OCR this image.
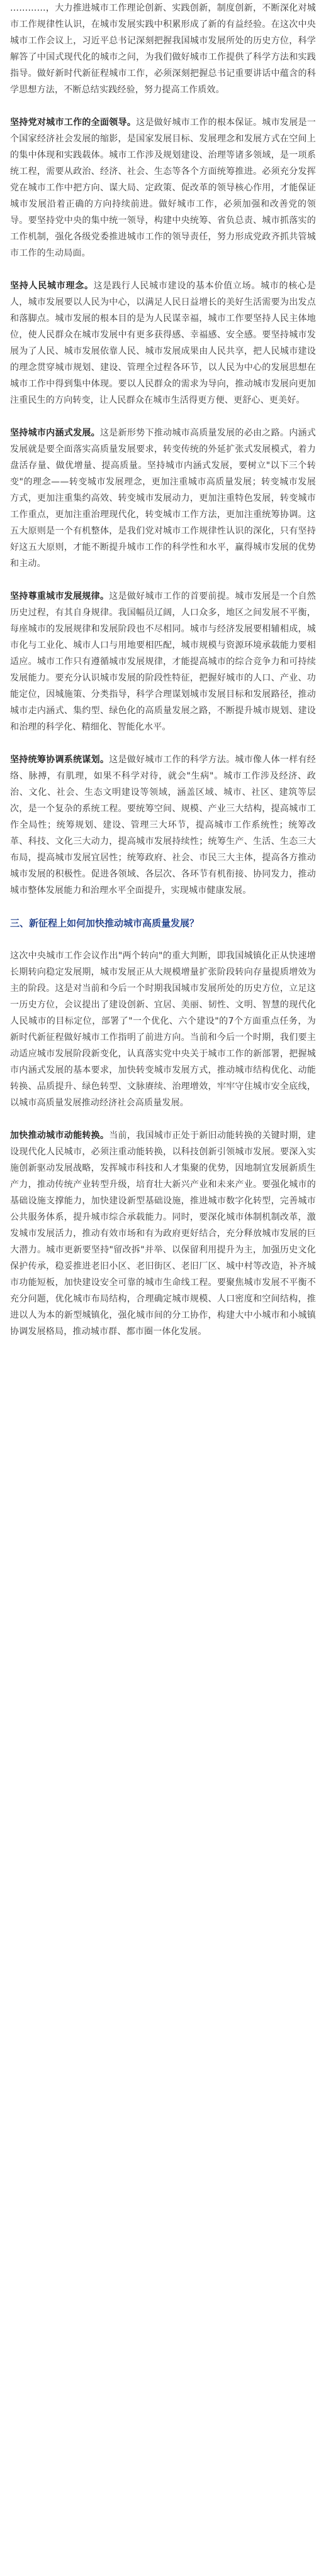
…………，大力推进城市工作理论创新、实践创新，制度创新，不断深化对城市工作规律性认识，在城市发展实践中积累形成了新的有益经验。在这次中央城市工作会议上，习近平总书记深刻把握我国城市发展所处的历史方位，科学解答了中国式现代化的城市之问，为我们做好城市工作提供了科学方法和实践指导。做好新时代新征程城市工作，必须深刻把握总书记重要讲话中蕴含的科学思想方法，不断总结实践经验，努力提高工作质效。

坚持党对城市工作的全面领导。这是做好城市工作的根本保证。城市发展是一个国家经济社会发展的缩影，是国家发展目标、发展理念和发展方式在空间上的集中体现和实践载体。城市工作涉及规划建设、治理等诸多领域，是一项系统工程，需要从政治、经济、社会、生态等各个方面统筹推进。必须充分发挥党在城市工作中把方向、谋大局、定政策、促改革的领导核心作用，才能保证城市发展沿着正确的方向持续前进。做好城市工作，必须加强和改善党的领导。要坚持党中央的集中统一领导，构建中央统筹、省负总责、城市抓落实的工作机制，强化各级党委推进城市工作的领导责任，努力形成党政齐抓共管城市工作的生动局面。

坚持人民城市理念。这是践行人民城市建设的基本价值立场。城市的核心是人，城市发展要以人民为中心，以满足人民日益增长的美好生活需要为出发点和落脚点。城市发展的根本目的是为人民谋幸福，城市工作要坚持人民主体地位，使人民群众在城市发展中有更多获得感、幸福感、安全感。要坚持城市发展为了人民、城市发展依靠人民、城市发展成果由人民共享，把人民城市建设的理念贯穿城市规划、建设、管理全过程各环节，以人民为中心的发展思想在城市工作中得到集中体现。要以人民群众的需求为导向，推动城市发展向更加注重民生的方向转变，让人民群众在城市生活得更方便、更舒心、更美好。

坚持城市内涵式发展。这是新形势下推动城市高质量发展的必由之路。内涵式发展就是要全面落实高质量发展要求，转变传统的外延扩张式发展模式，着力盘活存量、做优增量、提高质量。坚持城市内涵式发展，要树立"以下三个转变"的理念——转变城市发展理念，更加注重城市高质量发展；转变城市发展方式，更加注重集约高效、转变城市发展动力，更加注重特色发展，转变城市工作重点，更加注重治理现代化，转变城市工作方法，更加注重统筹协调。这五大原则是一个有机整体，是我们党对城市工作规律性认识的深化，只有坚持好这五大原则，才能不断提升城市工作的科学性和水平，赢得城市发展的优势和主动。

坚持尊重城市发展规律。这是做好城市工作的首要前提。城市发展是一个自然历史过程，有其自身规律。我国幅员辽阔，人口众多，地区之间发展不平衡，每座城市的发展规律和发展阶段也不尽相同。城市与经济发展要相辅相成，城市化与工业化、城市人口与用地要相匹配，城市规模与资源环境承载能力要相适应。城市工作只有遵循城市发展规律，才能提高城市的综合竞争力和可持续发展能力。要充分认识城市发展的阶段性特征，把握好城市的人口、产业、功能定位，因城施策、分类指导，科学合理谋划城市发展目标和发展路径，推动城市走内涵式、集约型、绿色化的高质量发展之路，不断提升城市规划、建设和治理的科学化、精细化、智能化水平。

坚持统筹协调系统谋划。这是做好城市工作的科学方法。城市像人体一样有经络、脉搏，有肌理，如果不科学对待，就会"生病"。城市工作涉及经济、政治、文化、社会、生态文明建设等领域，涵盖区域、城市、社区、建筑等层次，是一个复杂的系统工程。要统筹空间、规模、产业三大结构，提高城市工作全局性；统筹规划、建设、管理三大环节，提高城市工作系统性；统筹改革、科技、文化三大动力，提高城市发展持续性；统筹生产、生活、生态三大布局，提高城市发展宜居性；统筹政府、社会、市民三大主体，提高各方推动城市发展的积极性。促进各领域、各层次、各环节有机衔接、协同发力，推动城市整体发展能力和治理水平全面提升，实现城市健康发展。

三、新征程上如何加快推动城市高质量发展？

这次中央城市工作会议作出"两个转向"的重大判断，即我国城镇化正从快速增长期转向稳定发展期，城市发展正从大规模增量扩张阶段转向存量提质增效为主的阶段。这是对当前和今后一个时期我国城市发展所处的历史方位，立足这一历史方位，会议提出了建设创新、宜居、美丽、韧性、文明、智慧的现代化人民城市的目标定位，部署了"一个优化、六个建设"的7个方面重点任务，为新时代新征程做好城市工作指明了前进方向。当前和今后一个时期，我们要主动适应城市发展阶段新变化，认真落实党中央关于城市工作的新部署，把握城市内涵式发展的基本要求，加快转变城市发展方式，推动城市结构优化、动能转换、品质提升、绿色转型、文脉赓续、治理增效，牢牢守住城市安全底线，以城市高质量发展推动经济社会高质量发展。

加快推动城市动能转换。当前，我国城市正处于新旧动能转换的关键时期，建设现代化人民城市，必须注重动能转换，以科技创新引领城市发展。要深入实施创新驱动发展战略，发挥城市科技和人才集聚的优势，因地制宜发展新质生产力，推动传统产业转型升级，培育壮大新兴产业和未来产业。要强化城市的基础设施支撑能力，加快建设新型基础设施，推进城市数字化转型，完善城市公共服务体系，提升城市综合承载能力。同时，要深化城市体制机制改革，激发城市发展活力，推动有效市场和有为政府更好结合，充分释放城市发展的巨大潜力。城市更新要坚持"留改拆"并举、以保留利用提升为主，加强历史文化保护传承，稳妥推进老旧小区、老旧街区、老旧厂区、城中村等改造，补齐城市功能短板，加快建设安全可靠的城市生命线工程。要聚焦城市发展不平衡不充分问题，优化城市布局结构，合理确定城市规模、人口密度和空间结构，推进以人为本的新型城镇化，强化城市间的分工协作，构建大中小城市和小城镇协调发展格局，推动城市群、都市圈一体化发展。
